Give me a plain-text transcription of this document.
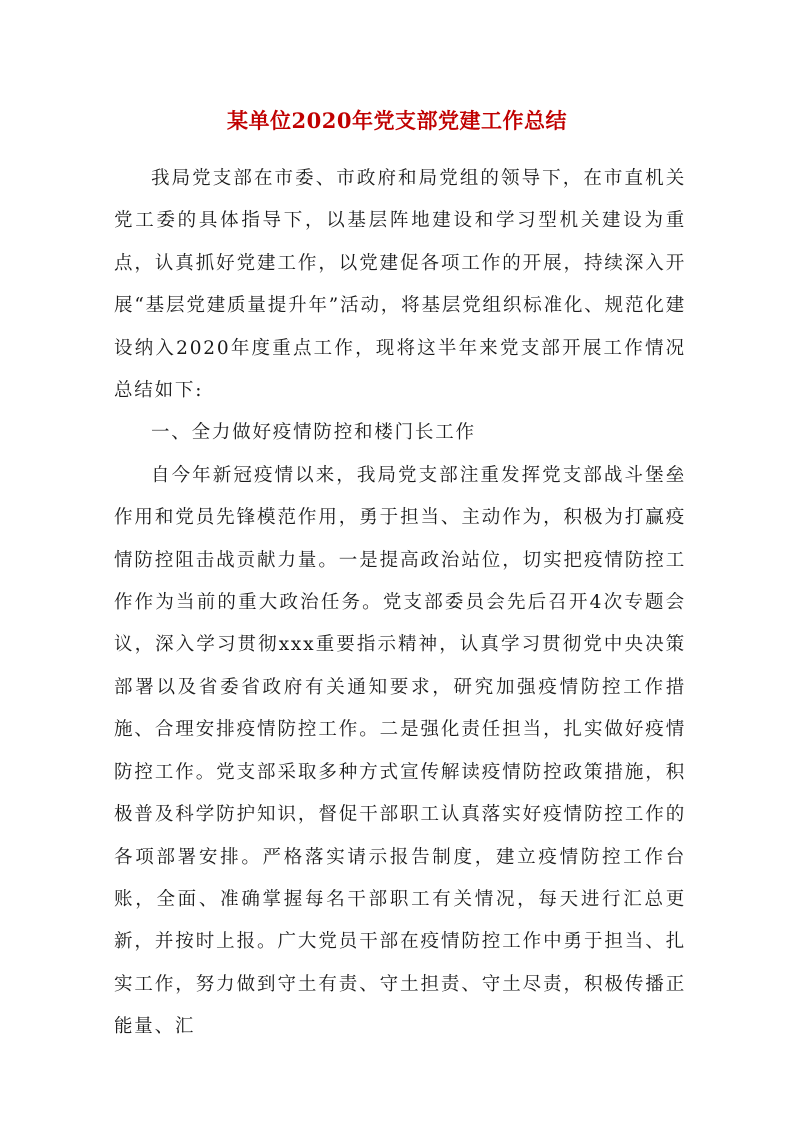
某单位2020年党支部党建工作总结

我局党支部在市委、市政府和局党组的领导下，在市直机关党工委的具体指导下，以基层阵地建设和学习型机关建设为重点，认真抓好党建工作，以党建促各项工作的开展，持续深入开展“基层党建质量提升年”活动，将基层党组织标准化、规范化建设纳入2020年度重点工作，现将这半年来党支部开展工作情况总结如下:

一、全力做好疫情防控和楼门长工作

自今年新冠疫情以来，我局党支部注重发挥党支部战斗堡垒作用和党员先锋模范作用，勇于担当、主动作为，积极为打赢疫情防控阻击战贡献力量。一是提高政治站位，切实把疫情防控工作作为当前的重大政治任务。党支部委员会先后召开4次专题会议，深入学习贯彻xxx重要指示精神，认真学习贯彻党中央决策部署以及省委省政府有关通知要求，研究加强疫情防控工作措施、合理安排疫情防控工作。二是强化责任担当，扎实做好疫情防控工作。党支部采取多种方式宣传解读疫情防控政策措施，积极普及科学防护知识，督促干部职工认真落实好疫情防控工作的各项部署安排。严格落实请示报告制度，建立疫情防控工作台账，全面、准确掌握每名干部职工有关情况，每天进行汇总更新，并按时上报。广大党员干部在疫情防控工作中勇于担当、扎实工作，努力做到守土有责、守土担责、守土尽责，积极传播正能量、汇
